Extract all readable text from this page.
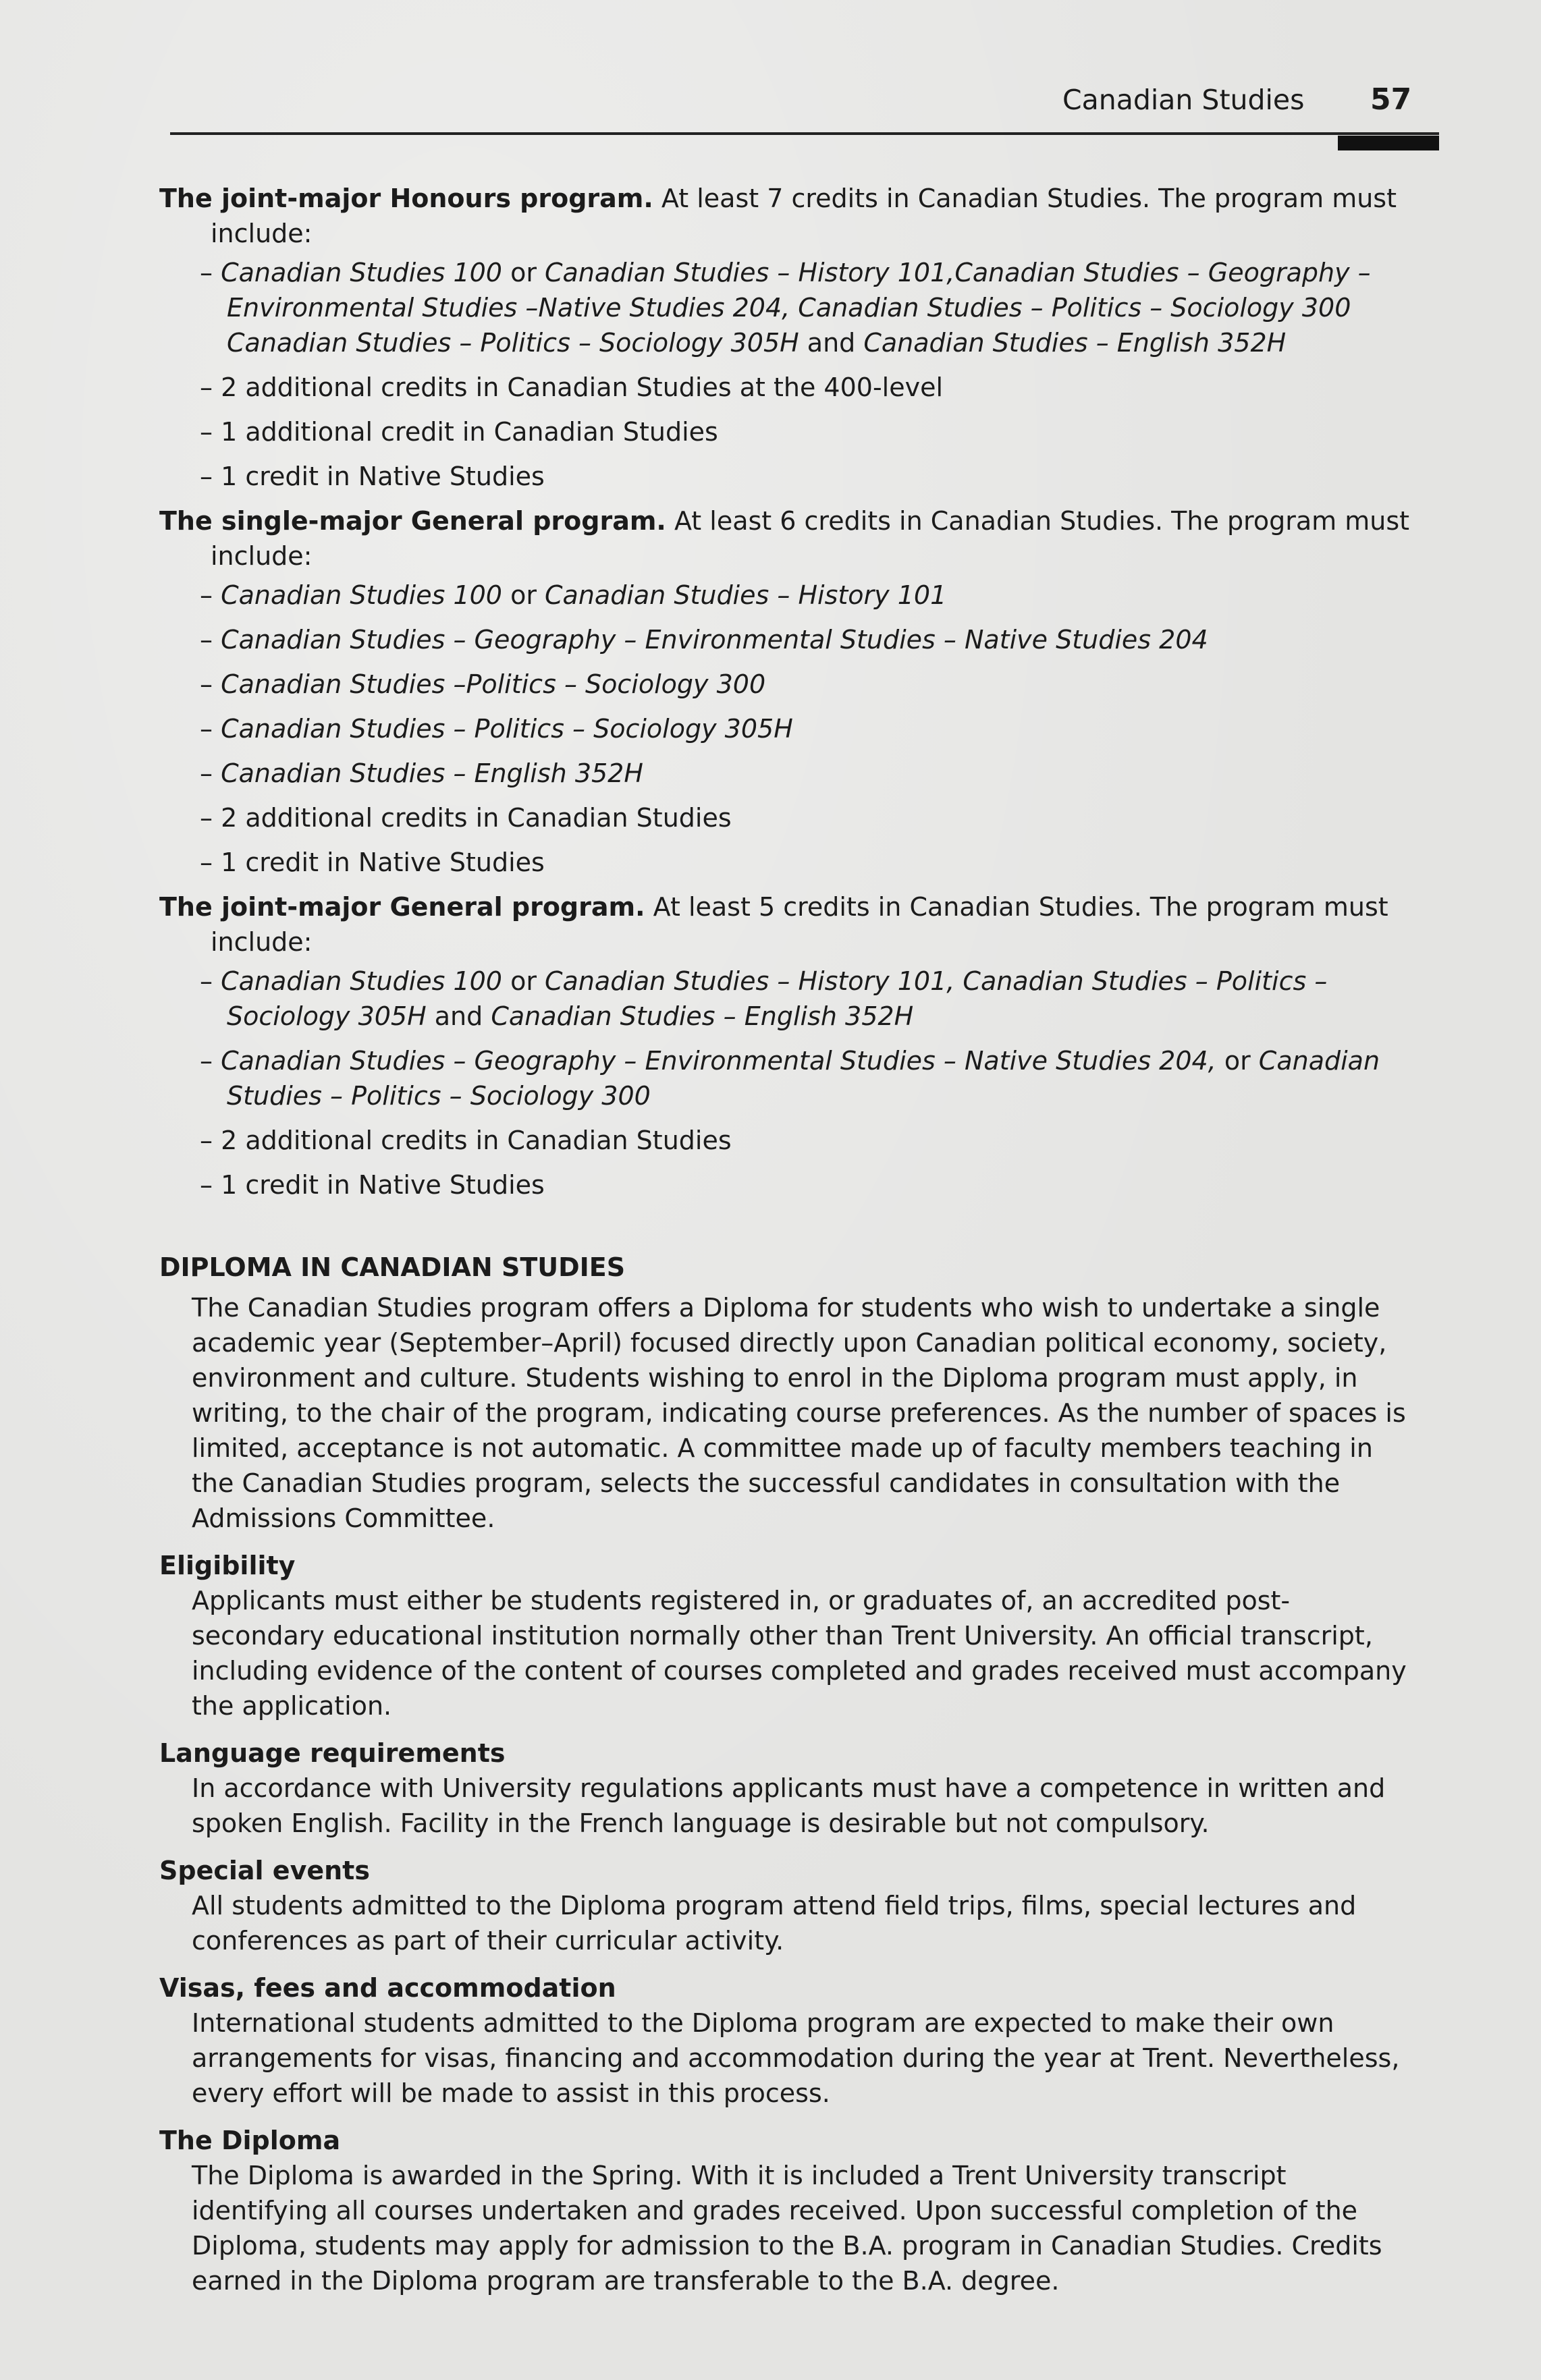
Canadian Studies 57

The joint-major Honours program. At least 7 credits in Canadian Studies. The program must include:

– Canadian Studies 100 or Canadian Studies – History 101,Canadian Studies – Geography – Environmental Studies –Native Studies 204, Canadian Studies – Politics – Sociology 300 Canadian Studies – Politics – Sociology 305H and Canadian Studies – English 352H
– 2 additional credits in Canadian Studies at the 400-level
– 1 additional credit in Canadian Studies
– 1 credit in Native Studies

The single-major General program. At least 6 credits in Canadian Studies. The program must include:

– Canadian Studies 100 or Canadian Studies – History 101
– Canadian Studies – Geography – Environmental Studies – Native Studies 204
– Canadian Studies –Politics – Sociology 300
– Canadian Studies – Politics – Sociology 305H
– Canadian Studies – English 352H
– 2 additional credits in Canadian Studies
– 1 credit in Native Studies

The joint-major General program. At least 5 credits in Canadian Studies. The program must include:

– Canadian Studies 100 or Canadian Studies – History 101, Canadian Studies – Politics – Sociology 305H and Canadian Studies – English 352H
– Canadian Studies – Geography – Environmental Studies – Native Studies 204, or Canadian Studies – Politics – Sociology 300
– 2 additional credits in Canadian Studies
– 1 credit in Native Studies
DIPLOMA IN CANADIAN STUDIES

The Canadian Studies program offers a Diploma for students who wish to undertake a single academic year (September–April) focused directly upon Canadian political economy, society, environment and culture. Students wishing to enrol in the Diploma program must apply, in writing, to the chair of the program, indicating course preferences. As the number of spaces is limited, acceptance is not automatic. A committee made up of faculty members teaching in the Canadian Studies program, selects the successful candidates in consultation with the Admissions Committee.

Eligibility

Applicants must either be students registered in, or graduates of, an accredited post-secondary educational institution normally other than Trent University. An official transcript, including evidence of the content of courses completed and grades received must accompany the application.

Language requirements

In accordance with University regulations applicants must have a competence in written and spoken English. Facility in the French language is desirable but not compulsory.

Special events

All students admitted to the Diploma program attend field trips, films, special lectures and conferences as part of their curricular activity.

Visas, fees and accommodation

International students admitted to the Diploma program are expected to make their own arrangements for visas, financing and accommodation during the year at Trent. Nevertheless, every effort will be made to assist in this process.

The Diploma

The Diploma is awarded in the Spring. With it is included a Trent University transcript identifying all courses undertaken and grades received. Upon successful completion of the Diploma, students may apply for admission to the B.A. program in Canadian Studies. Credits earned in the Diploma program are transferable to the B.A. degree.
